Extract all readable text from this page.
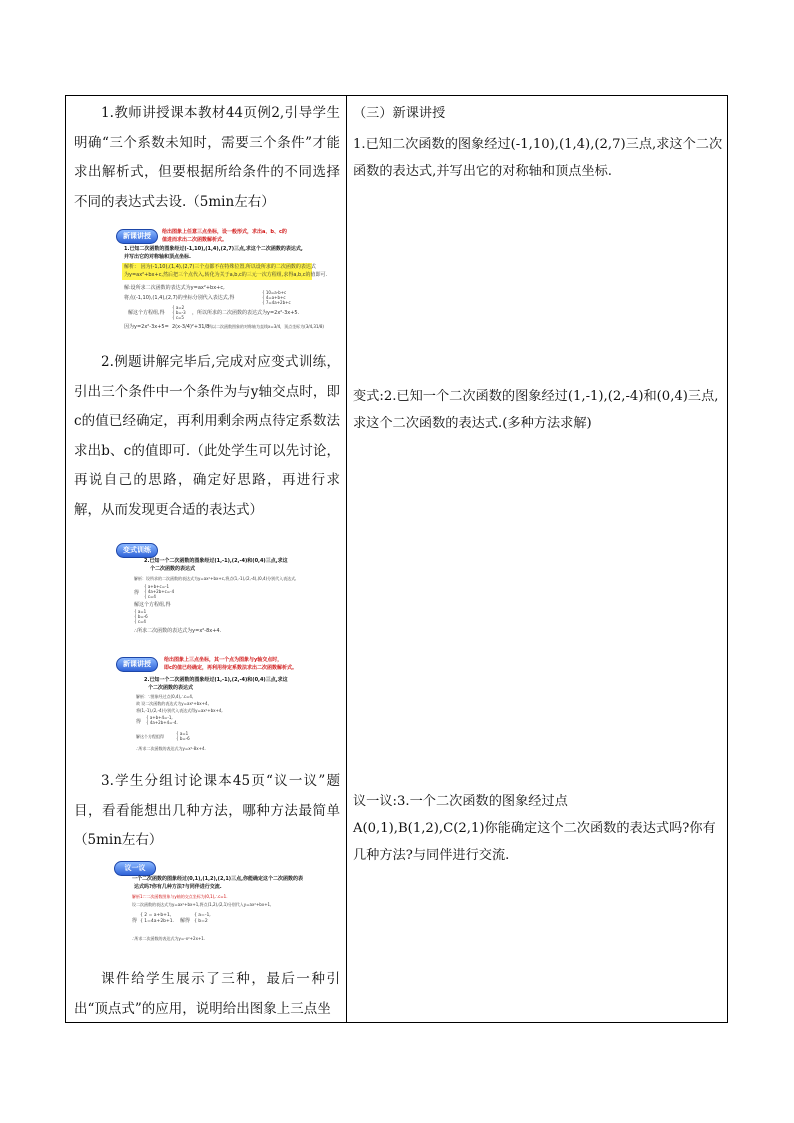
1.教师讲授课本教材44页例2,引导学生明确“三个系数未知时，需要三个条件”才能求出解析式，但要根据所给条件的不同选择不同的表达式去设.（5min左右）

新课讲授	给出图象上任意三点坐标，设一般形式，求出a、b、c的
值进而求出二次函数解析式。
1.已知二次函数的图象经过(-1,10),(1,4),(2,7)三点,求这个二次函数的表达式,
并写出它的对称轴和顶点坐标.
解析： 因为(-1,10),(1,4),(2,7)三个点都不在特殊位置,所以设所求的二次函数的表达式
为y=ax²+bx+c,然后把三个点代入,转化为关于a,b,c的三元一次方程组,求得a,b,c的值即可.
解:设所求二次函数的表达式为y=ax²+bx+c,
将点(-1,10),(1,4),(2,7)的坐标分别代入表达式,得
{ 10=a-b+c
{ 4=a+b+c
{ 7=4a+2b+c
解这个方程组,得
{ a=2
{ b=-3
{ c=5
，所以所求的二次函数的表达式为y=2x²-3x+5.
因为y=2x²-3x+5= 2(x-3/4)²+31/8
，所以二次函数图象的对称轴为直线x=3/4，顶点坐标为(3/4,31/8)

2.例题讲解完毕后,完成对应变式训练，引出三个条件中一个条件为与y轴交点时，即c的值已经确定，再利用剩余两点待定系数法求出b、c的值即可.（此处学生可以先讨论，再说自己的思路，确定好思路，再进行求解，从而发现更合适的表达式）

变式训练
2.已知一个二次函数的图象经过(1,-1),(2,-4)和(0,4)三点,求这
个二次函数的表达式
解析：设所求的二次函数的表达式为y=ax²+bx+c,将点(1,-1),(2,-4),(0,4)分别代入表达式,
得
{ a+b+c=-1
{ 4a+2b+c=-4
{ c=4
解这个方程组,得
{ a=1
{ b=-6
{ c=4
∴所求二次函数的表达式为y=x²-8x+4.
新课讲授	给出图象上三点坐标，其一个点为图象与y轴交点时，
即c的值已经确定，再利用待定系数法求出二次函数解析式。
2.已知一个二次函数的图象经过(1,-1),(2,-4)和(0,4)三点,求这
个二次函数的表达式
解析：∵图象经过点(0,4),∴c=4,
故 设二次函数的表达式为y=ax²+bx+4,
将(1,-1),(2,-4)分别代入表达式得y=ax²+bx+4,
得
{ a+b+4=-1,
{ 4a+2b+4=-4.
解这个方程组得
{ a=1
{ b=-6
∴所求二次函数的表达式为y=x²-8x+4.

3.学生分组讨论课本45页“议一议”题目，看看能想出几种方法，哪种方法最简单（5min左右）

议一议
一个二次函数的图象经过(0,1),(1,2),(2,1)三点,你能确定这个二次函数的表
达式吗?你有几种方法?与同伴进行交流.
解析1:∵二次函数图象与y轴的交点坐标为(0,1),∴c=1.
设二次函数的表达式为y=ax²+bx+1,将点(1,2),(2,1)分别代入y=ax²+bx+1,
得
{ 2 = a+b+1,
{ 1=4a+2b+1. 解得
{ a=-1,
{ b=2
∴所求二次函数的表达式为y=-x²+2x+1.

课件给学生展示了三种，最后一种引出“顶点式”的应用，说明给出图象上三点坐

（三）新课讲授

1.已知二次函数的图象经过(-1,10),(1,4),(2,7)三点,求这个二次函数的表达式,并写出它的对称轴和顶点坐标.

变式:2.已知一个二次函数的图象经过(1,-1),(2,-4)和(0,4)三点,求这个二次函数的表达式.(多种方法求解)

议一议:3.一个二次函数的图象经过点

A(0,1),B(1,2),C(2,1)你能确定这个二次函数的表达式吗?你有几种方法?与同伴进行交流.
